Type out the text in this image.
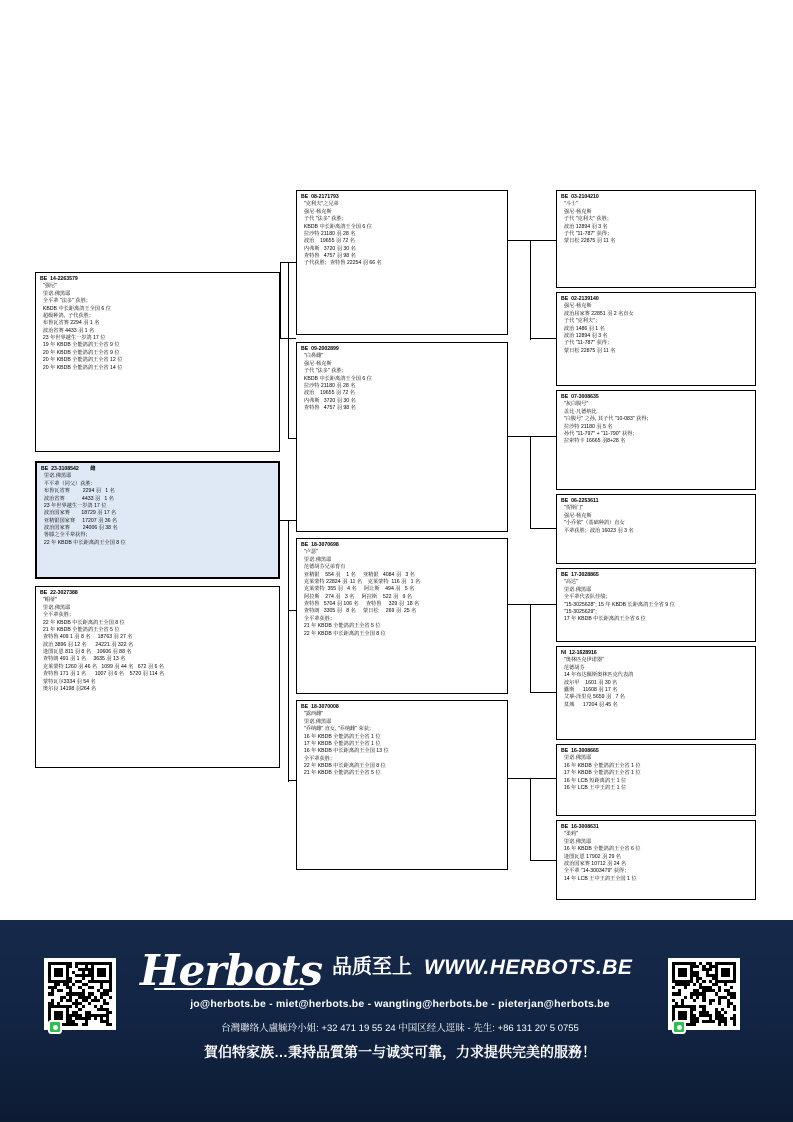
BE  14-2263579
"强尼"
里诺.佛黑耶
全平辈 "法多" 获胜；
KBDB 中长距离鸽王全国 6 位
超级种鸽,  子代获胜；
布鲁瓦省赛 2294 羽 1 名
波治省赛 4433 羽 1 名
23 年世界越生一岁鸽 17 位
19 年 KBDB 全能鸽鸽王全省 9 位
20 年 KBDB 全能鸽鸽王全省 9 位
20 年 KBDB 全能鸽鸽王全省 12 位
20 年 KBDB 全能鸽鸽王全省 14 位
BE  23-3108542        雌
里诺.佛黑耶
平平辈（同父）获胜：
布鲁瓦省赛         2294 羽   1 名
波治省赛            4433 羽   1 名
23 年世界越生一岁鸽 17 位
波治国家赛        18729 羽 17 名
亚精银国家赛     17207 羽 36 名
波治国家赛         24006 羽 38 名
鲁滕之全平辈获得；
22 年 KBDB 中长距离鸽王全国 8 位
BE  22-3027388
"帽蒂"
里诺.佛黑耶
全平辈获胜；
22 年 KBDB 中长距离鸽王全国 8 位
21 年 KBDB 全能鸽鸽王全省 5 位
查特鲁 409 1 羽 8 名     18763 羽 27 名
波治 3896 羽 12 名      24221 羽 322 名
逢图瓦恩 811 羽 8 名    10606 羽 88 名
查特朗 491 羽 1 名     3635 羽 13 名
克莱蒙特 1260 羽 46 名   1099 羽 44 名   672 羽 6 名
查特鲁 171 羽 1 名      1007 羽 6 名    5720 羽 114 名
蒙特瓦尔3334 羽 54 名
奥尔良 14198 羽264 名
BE  08-2171793
"克利夫"之兄弟
强尼·杨克斯
子代 "法多" 获胜；
KBDB 中长距离鸽王全国 6 位
拉沙特 21180 羽 28 名
波治    19655 羽 72 名
内弗斯   3720 羽 30 名
查特鲁   4757 羽 98 名
子代获胜；查特鲁 22254 羽 66 名
BE  09-2002899
"白鼻雌"
强尼·杨克斯
子代 "法多" 获胜；
KBDB 中长距离鸽王全国 6 位
拉沙特 21180 羽 28 名
波治    19655 羽 72 名
内弗斯   3720 羽 30 名
查特鲁   4757 羽 98 名
BE  18-3070698
"卢瑟"
里诺.佛黑耶
范德胡芬兄弟育有
亚精银    554 羽    1 名     亚精银   4084 羽   3 名
克莱蒙特 22824 羽  11 名    克莱蒙特  116 羽   1 名
克莱蒙特  355 羽   4 名     阿让斯    494 羽   5 名
阿拉斯    274 羽   3 名     阿拉斯    522 羽   9 名
查特鲁   5704 羽 106 名     查特鲁     329 羽  18 名
查特朗   3305 羽   8 名     蒙日松     269 羽  25 名
全平辈获胜；
21 年 KBDB 全能鸽鸽王全省 5 位
22 年 KBDB 中长距离鸽王全国 8 位
BE  18-3070008
"露西雌"
里诺.佛黑耶
"乔纳雌" 直女, "乔纳雌" 荣获；
16 年 KBDB 全能鸽鸽王全省 1 位
17 年 KBDB 全能鸽鸽王全省 1 位
16 年 KBDB 中长距离鸽王全国 13 位
全平辈获胜；
22 年 KBDB 中长距离鸽王全国 8 位
21 年 KBDB 全能鸽鸽王全省 5 位
BE  03-2104210
"斗士"
强尼·杨克斯
子代 "克利夫" 获胜；
波治 12894 羽 3 名
子代 "11-787" 获得；
蒙日松 22875 羽 11 名
BE  02-2139140
强尼·杨克斯
波治屈家赛 22851 羽 2 名直女
子代 "克利夫"；
波治 1486 羽 1 名
波治 12894 羽 3 名
子代 "11-787" 获得；
蒙日松 22875 羽 11 名
BE  07-3008635
"灰白腹号"
盖比·凡德纳比
"白腹号" 之孙, 其子代 "10-083" 获得；
拉沙特 21180 羽 5 名
孙代 "11-797" + "11-790" 获得；
拉索特卡 16665 羽8+28 名
BE  06-2253611
"贺斯门"
强尼·杨克斯
"小乔依"（基础种鸽）直女
平辈获胜；波治 16023 羽 3 名
BE  17-3028865
"高达"
里诺.佛黑耶
全平辈代表队佳绩；
"15-3025628"; 15 年 KBDB 长距离鸽王全省 9 位
"15-3025629";
17 年 KBDB 中长距离鸽王全省 6 位
NI  12-1628916
"奥林匹克伊诺器"
范德胡芬
14 年布达佩斯奥林匹克代表鸽
波尔甲    1601 羽 30 名
蠹斯      11608 羽 17 名
艾摹-泽里克 5659 羽   7 名
莫城      17204 羽 45 名
BE  16-3008665
里诺.佛黑耶
16 年 KBDB 全能鸽鸽王全省 1 位
17 年 KBDB 全能鸽鸽王全省 1 位
16 年 LCB 短距离鸽王 1 位
16 年 LCB 王中王鸽王 1 位
BE  16-3008631
"柔莉"
里诺.佛黑耶
16 年 KBDB 全能鸽鸽王全省 6 位
逢图瓦恩 17902 羽 29 名
波治国家赛 10712 羽 24 名
全平辈 "14-3003479" 获得；
14 年 LCB 王中王鸽王全国 1 位
Herbots 品质至上 WWW.HERBOTS.BE
jo@herbots.be - miet@herbots.be - wangting@herbots.be - pieterjan@herbots.be
台灣聯络人盧毓玲小姐: +32 471 19 55 24 中国区经人逕昧 - 先生: +86 131 20' 5 0755
賀伯特家族…秉持品質第一与诚实可靠，力求提供完美的服務！
